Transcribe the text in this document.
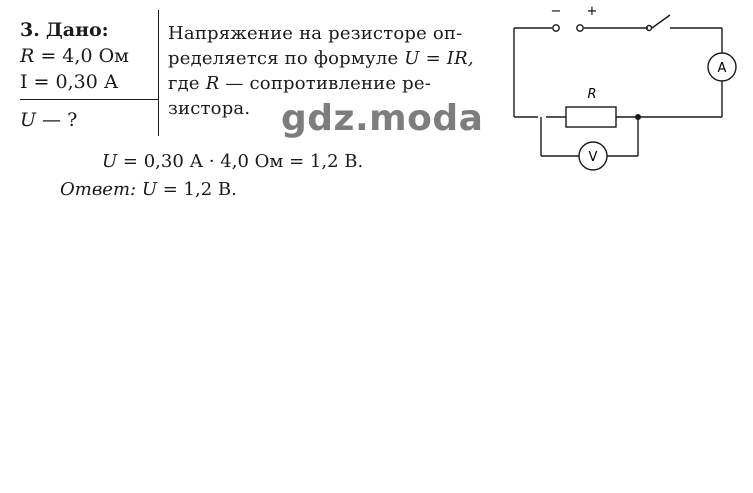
3. Дано:
R = 4,0 Ом
I = 0,30 А
U — ?
Напряжение на резисторе оп-
ределяется по формуле U = IR,
где R — сопротивление ре-
зистора. gdz.moda
U = 0,30 А · 4,0 Ом = 1,2 В.
Ответ: U = 1,2 В.
− +
A
V
R
